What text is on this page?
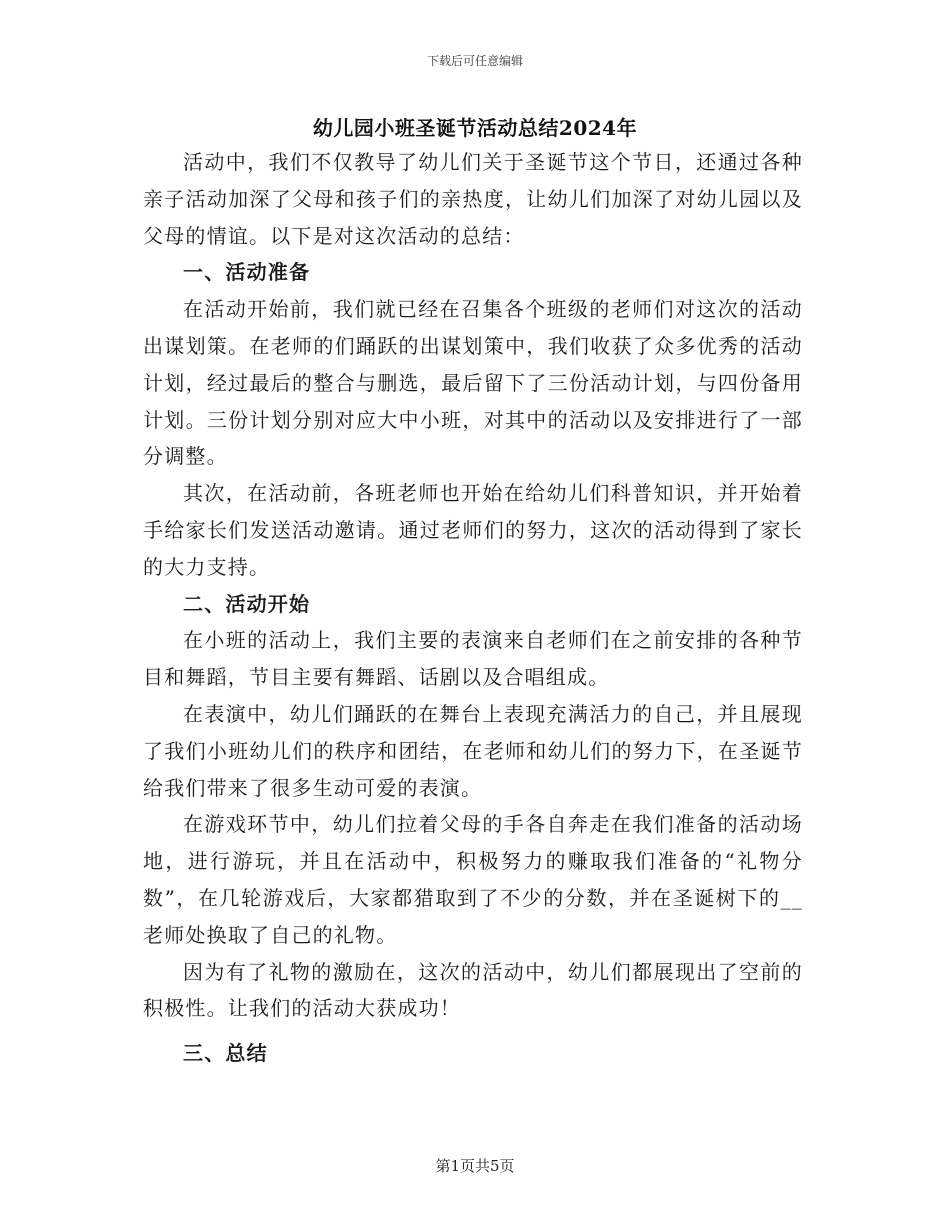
下载后可任意编辑
幼儿园小班圣诞节活动总结2024年

活动中，我们不仅教导了幼儿们关于圣诞节这个节日，还通过各种亲子活动加深了父母和孩子们的亲热度，让幼儿们加深了对幼儿园以及父母的情谊。以下是对这次活动的总结：

一、活动准备

在活动开始前，我们就已经在召集各个班级的老师们对这次的活动出谋划策。在老师的们踊跃的出谋划策中，我们收获了众多优秀的活动计划，经过最后的整合与删选，最后留下了三份活动计划，与四份备用计划。三份计划分别对应大中小班，对其中的活动以及安排进行了一部分调整。

其次，在活动前，各班老师也开始在给幼儿们科普知识，并开始着手给家长们发送活动邀请。通过老师们的努力，这次的活动得到了家长的大力支持。

二、活动开始

在小班的活动上，我们主要的表演来自老师们在之前安排的各种节目和舞蹈，节目主要有舞蹈、话剧以及合唱组成。

在表演中，幼儿们踊跃的在舞台上表现充满活力的自己，并且展现了我们小班幼儿们的秩序和团结，在老师和幼儿们的努力下，在圣诞节给我们带来了很多生动可爱的表演。

在游戏环节中，幼儿们拉着父母的手各自奔走在我们准备的活动场地，进行游玩，并且在活动中，积极努力的赚取我们准备的“礼物分数”，在几轮游戏后，大家都猎取到了不少的分数，并在圣诞树下的__老师处换取了自己的礼物。

因为有了礼物的激励在，这次的活动中，幼儿们都展现出了空前的积极性。让我们的活动大获成功！

三、总结

第1页共5页
